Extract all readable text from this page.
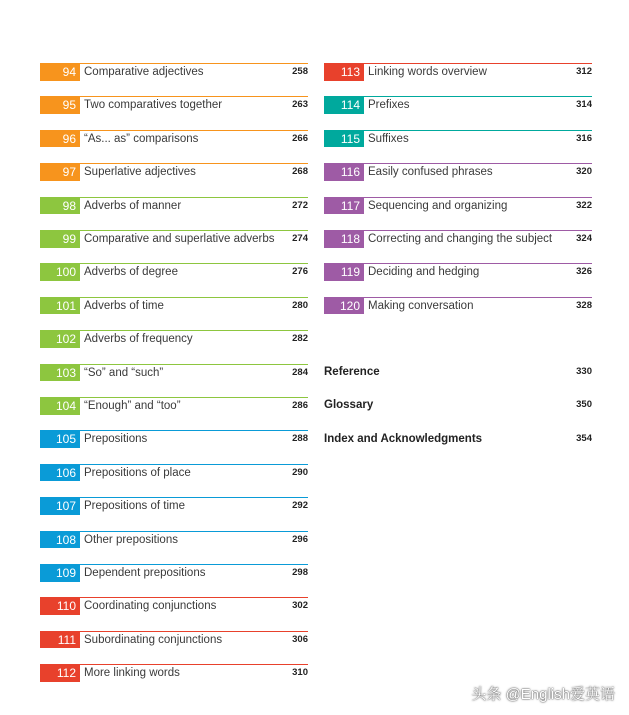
94 Comparative adjectives	258
95 Two comparatives together	263
96 “As... as” comparisons	266
97 Superlative adjectives	268
98 Adverbs of manner	272
99 Comparative and superlative adverbs 274
100 Adverbs of degree	276
101 Adverbs of time	280
102 Adverbs of frequency	282
103 “So” and “such”	284
104 “Enough” and “too”	286
105 Prepositions	288
106 Prepositions of place	290
107 Prepositions of time	292
108 Other prepositions	296
109 Dependent prepositions	298
110 Coordinating conjunctions	302
111 Subordinating conjunctions	306
112 More linking words	310
113 Linking words overview	312
114 Prefixes	314
115 Suffixes	316
116 Easily confused phrases	320
117 Sequencing and organizing	322
118 Correcting and changing the subject	324
119 Deciding and hedging	326
120 Making conversation	328
Reference	330
Glossary	350
Index and Acknowledgments	354
头条 @English爱英语
